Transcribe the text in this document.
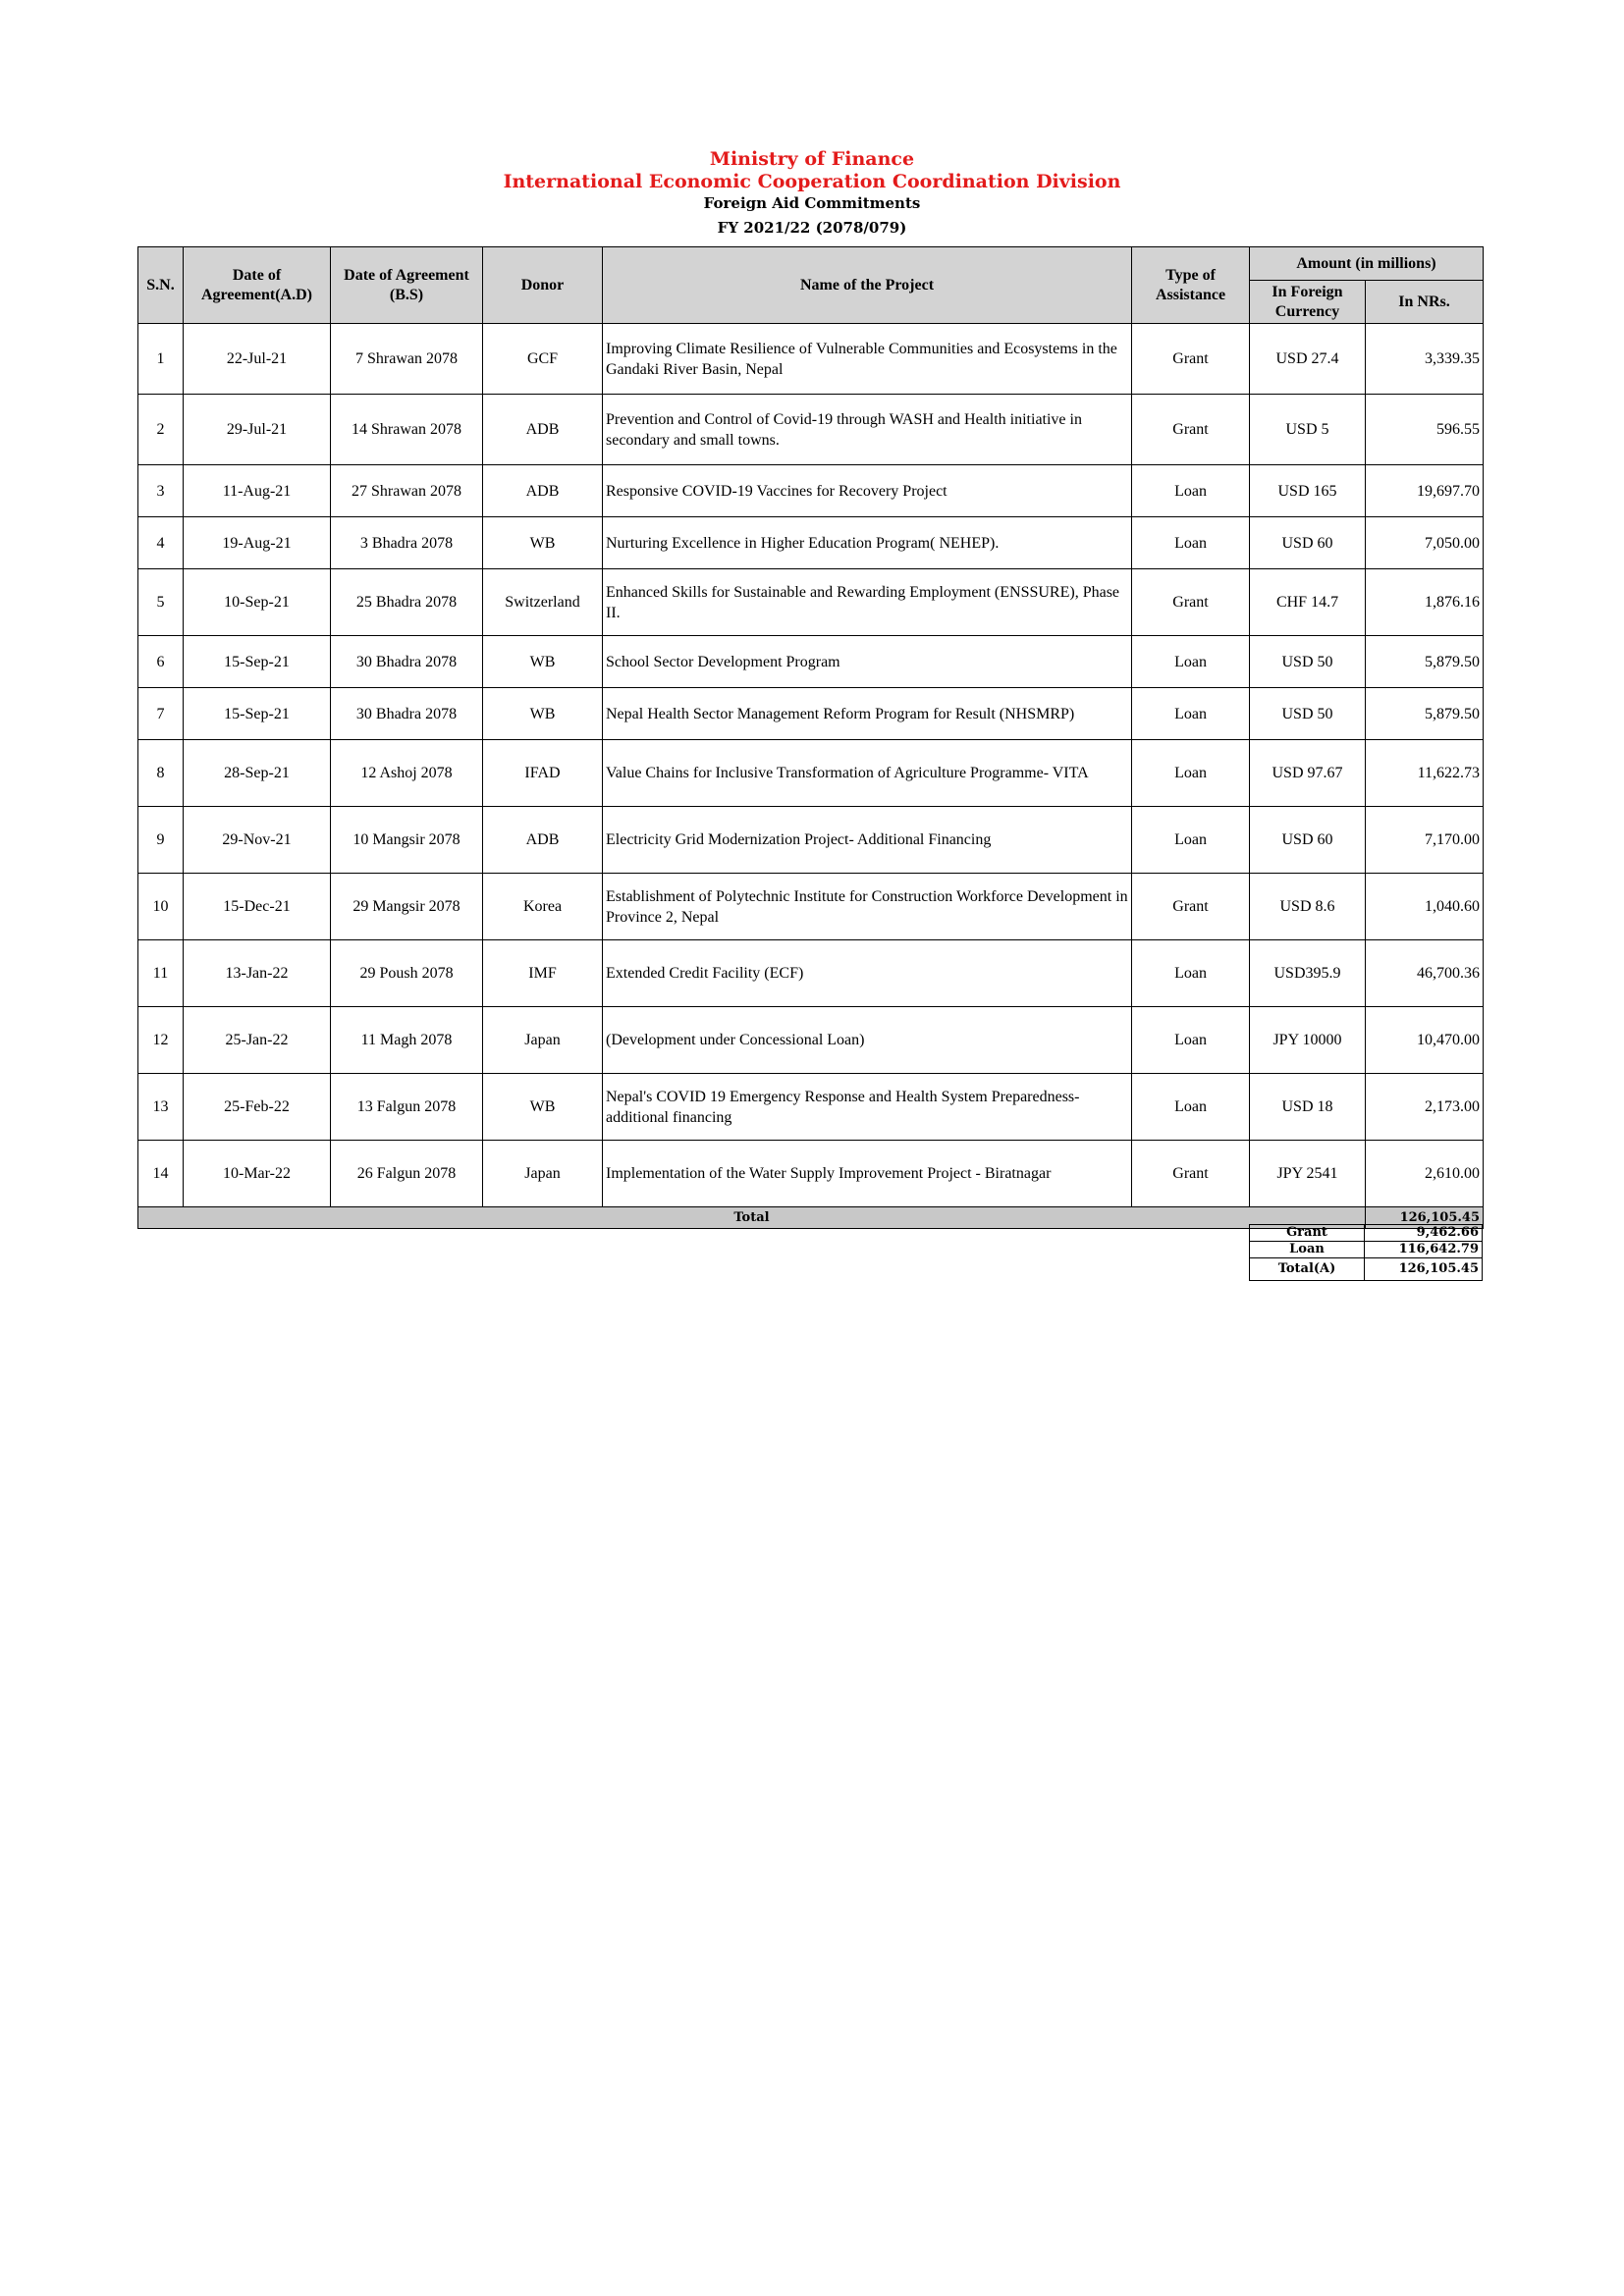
Ministry of Finance
International Economic Cooperation Coordination Division
Foreign Aid Commitments
FY 2021/22 (2078/079)
S.N.	Date of Agreement(A.D)	Date of Agreement (B.S)	Donor	Name of the Project	Type of Assistance	Amount (in millions)	
						In Foreign Currency	In NRs.
1	22-Jul-21	7 Shrawan 2078	GCF	Improving Climate Resilience of Vulnerable Communities and Ecosystems in the Gandaki River Basin, Nepal	Grant	USD 27.4	3,339.35
2	29-Jul-21	14 Shrawan 2078	ADB	Prevention and Control of Covid-19 through WASH and Health initiative in secondary and small towns.	Grant	USD 5	596.55
3	11-Aug-21	27 Shrawan 2078	ADB	Responsive COVID-19 Vaccines for Recovery Project	Loan	USD 165	19,697.70
4	19-Aug-21	3 Bhadra 2078	WB	Nurturing Excellence in Higher Education Program( NEHEP).	Loan	USD 60	7,050.00
5	10-Sep-21	25 Bhadra 2078	Switzerland	Enhanced Skills for Sustainable and Rewarding Employment (ENSSURE), Phase II.	Grant	CHF 14.7	1,876.16
6	15-Sep-21	30 Bhadra 2078	WB	School Sector Development Program	Loan	USD 50	5,879.50
7	15-Sep-21	30 Bhadra 2078	WB	Nepal Health Sector Management Reform Program for Result (NHSMRP)	Loan	USD 50	5,879.50
8	28-Sep-21	12 Ashoj 2078	IFAD	Value Chains for Inclusive Transformation of Agriculture Programme- VITA	Loan	USD 97.67	11,622.73
9	29-Nov-21	10 Mangsir 2078	ADB	Electricity Grid Modernization Project- Additional Financing	Loan	USD 60	7,170.00
10	15-Dec-21	29 Mangsir 2078	Korea	Establishment of Polytechnic Institute for Construction Workforce Development in Province 2, Nepal	Grant	USD 8.6	1,040.60
11	13-Jan-22	29 Poush 2078	IMF	Extended Credit Facility (ECF)	Loan	USD395.9	46,700.36
12	25-Jan-22	11 Magh 2078	Japan	(Development under Concessional Loan)	Loan	JPY 10000	10,470.00
13	25-Feb-22	13 Falgun 2078	WB	Nepal's COVID 19 Emergency Response and Health System Preparedness- additional financing	Loan	USD 18	2,173.00
14	10-Mar-22	26 Falgun 2078	Japan	Implementation of the Water Supply Improvement Project - Biratnagar	Grant	JPY 2541	2,610.00
Total							126,105.45
Grant	9,462.66
Loan	116,642.79
Total(A)	126,105.45
